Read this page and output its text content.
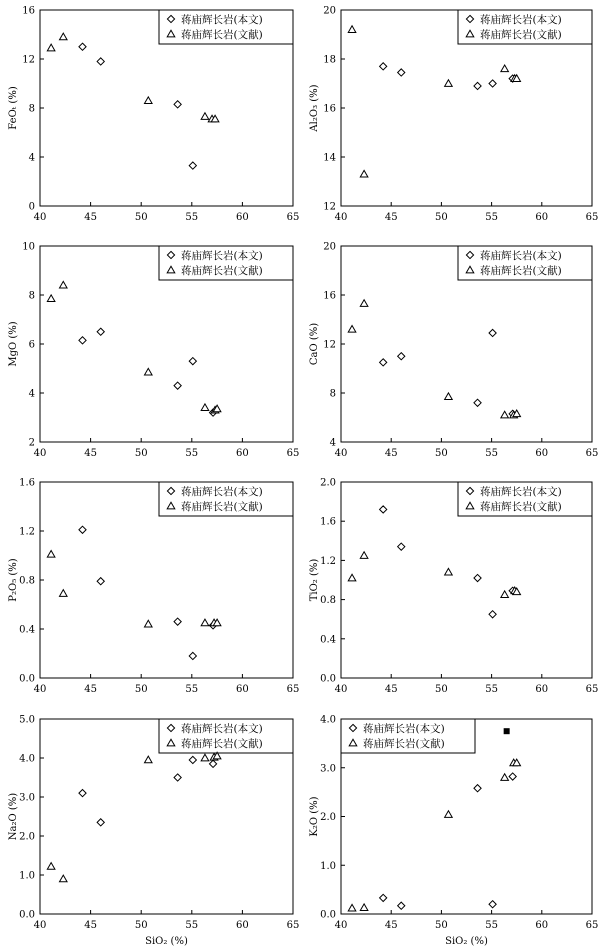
40	45	50	55	60	65
0
4
8
12
16
FeOₜ (%)
蒋庙辉长岩(本文)
蒋庙辉长岩(文献)
40	45	50	55	60	65
12
14
16
18
20
Al₂O₃ (%)
蒋庙辉长岩(本文)
蒋庙辉长岩(文献)
40	45	50	55	60	65
2
4
6
8
10
MgO (%)
蒋庙辉长岩(本文)
蒋庙辉长岩(文献)
40	45	50	55	60	65
4
8
12
16
20
CaO (%)
蒋庙辉长岩(本文)
蒋庙辉长岩(文献)
40	45	50	55	60	65
0.0
0.4
0.8
1.2
1.6
P₂O₅ (%)
蒋庙辉长岩(本文)
蒋庙辉长岩(文献)
40	45	50	55	60	65
0.0
0.4
0.8
1.2
1.6
2.0
TiO₂ (%)
蒋庙辉长岩(本文)
蒋庙辉长岩(文献)
40	45	50	55	60	65
0.0
1.0
2.0
3.0
4.0
5.0
Na₂O (%)
SiO₂ (%)
蒋庙辉长岩(本文)
蒋庙辉长岩(文献)
40	45	50	55	60	65
0.0
1.0
2.0
3.0
4.0
K₂O (%)
SiO₂ (%)
蒋庙辉长岩(本文)
蒋庙辉长岩(文献)
